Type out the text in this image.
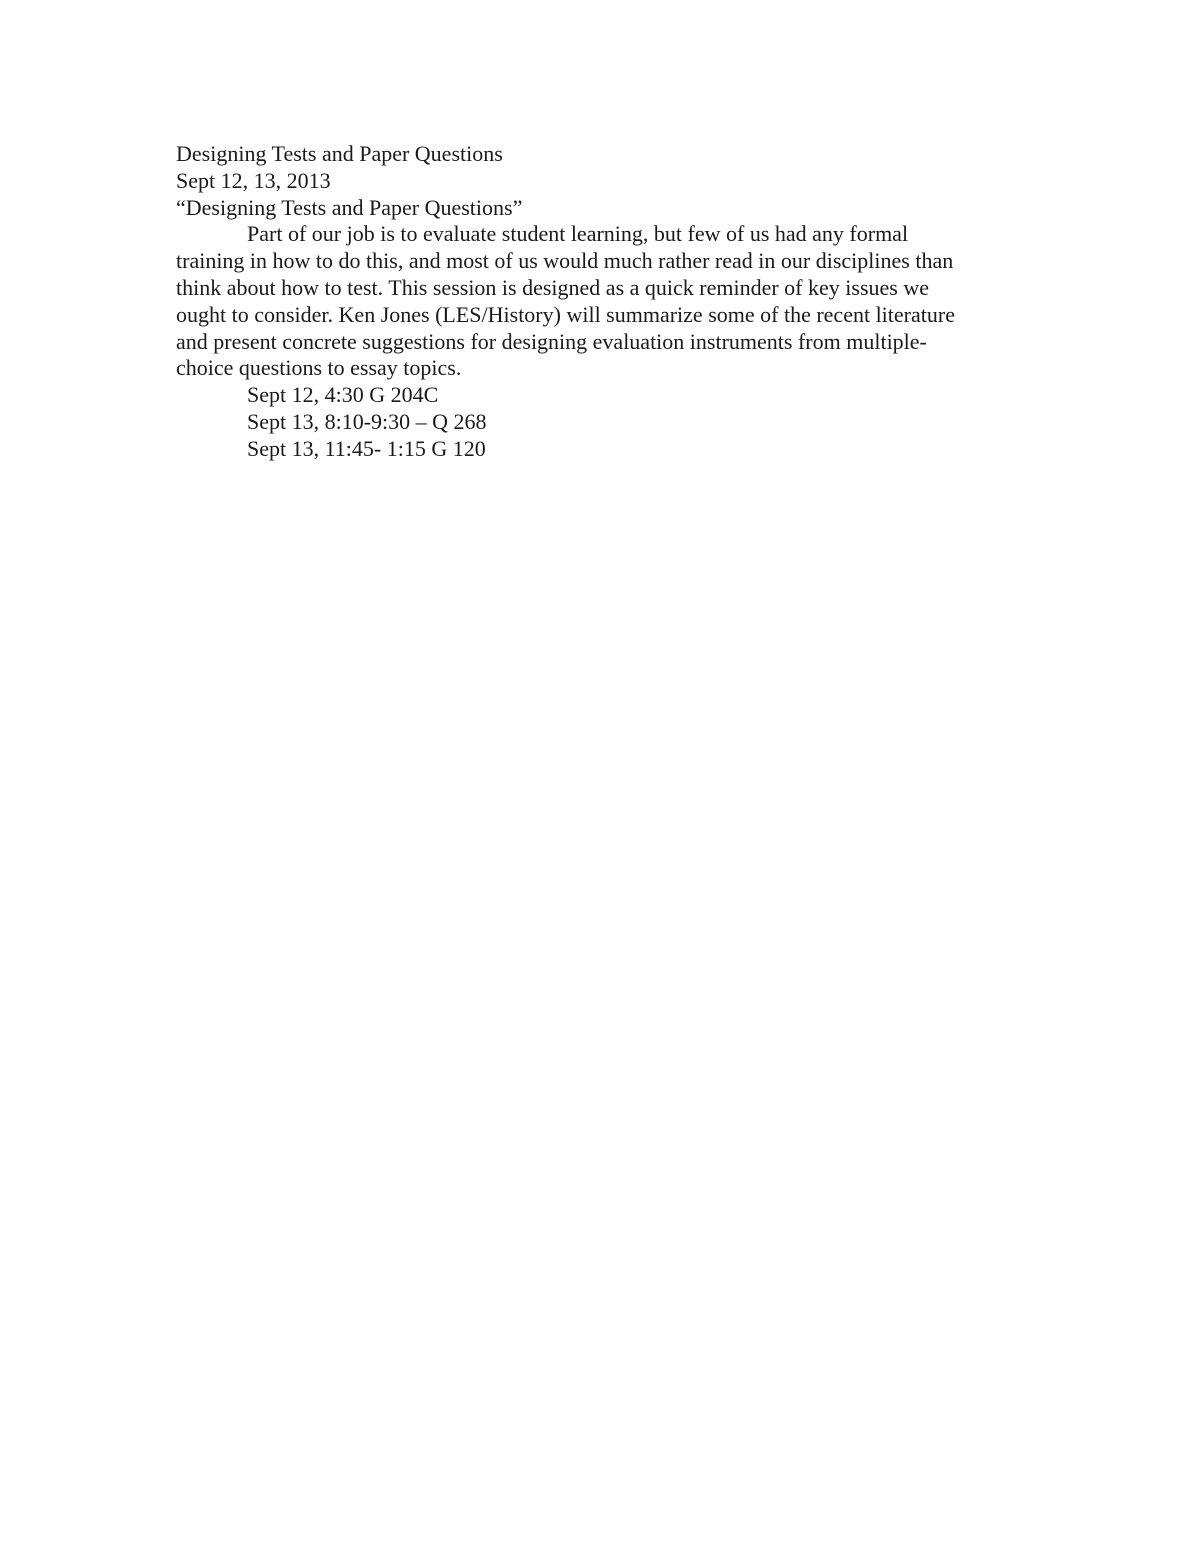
Designing Tests and Paper Questions
Sept 12, 13, 2013
“Designing Tests and Paper Questions”
Part of our job is to evaluate student learning, but few of us had any formal
training in how to do this, and most of us would much rather read in our disciplines than
think about how to test. This session is designed as a quick reminder of key issues we
ought to consider. Ken Jones (LES/History) will summarize some of the recent literature
and present concrete suggestions for designing evaluation instruments from multiple-
choice questions to essay topics.
Sept 12, 4:30 G 204C
Sept 13, 8:10-9:30 – Q 268
Sept 13, 11:45- 1:15 G 120
